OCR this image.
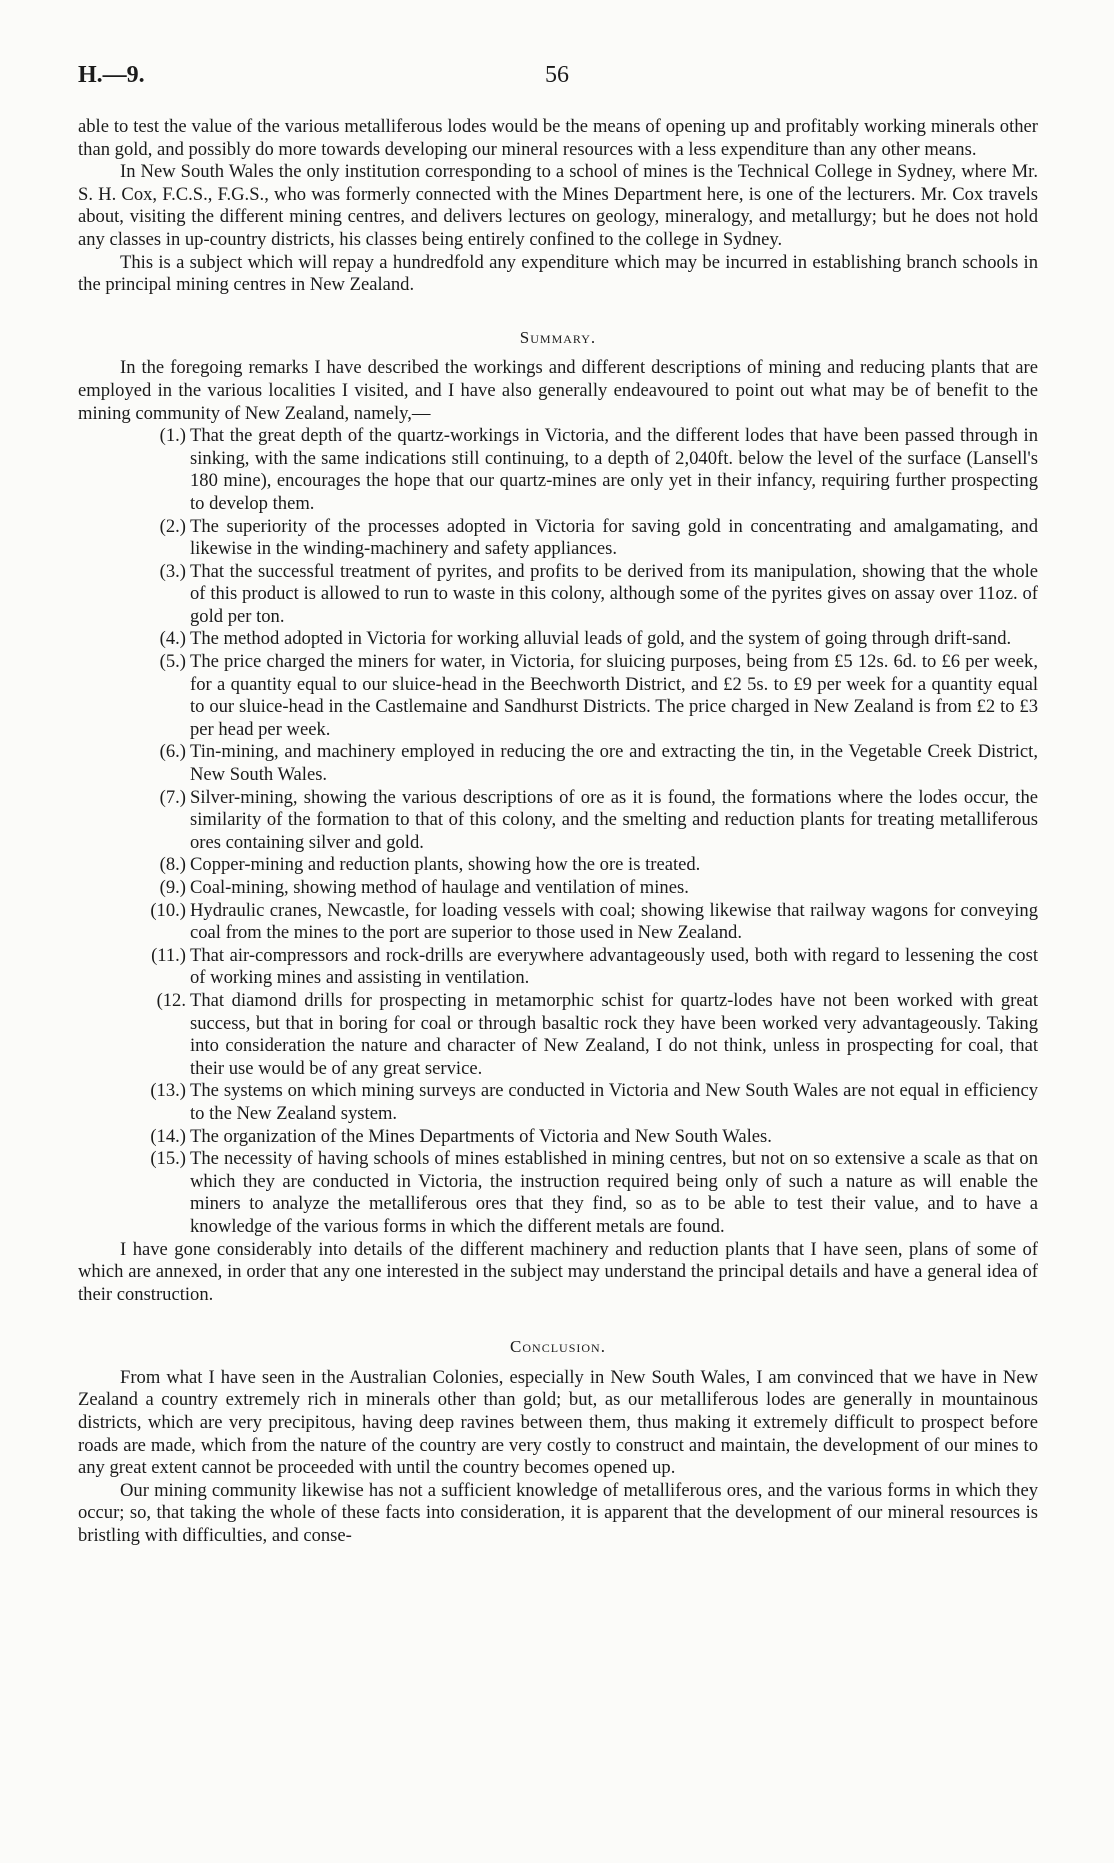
H.—9.	56

able to test the value of the various metalliferous lodes would be the means of opening up and profitably working minerals other than gold, and possibly do more towards developing our mineral resources with a less expenditure than any other means.

In New South Wales the only institution corresponding to a school of mines is the Technical College in Sydney, where Mr. S. H. Cox, F.C.S., F.G.S., who was formerly connected with the Mines Department here, is one of the lecturers. Mr. Cox travels about, visiting the different mining centres, and delivers lectures on geology, mineralogy, and metallurgy; but he does not hold any classes in up-country districts, his classes being entirely confined to the college in Sydney.

This is a subject which will repay a hundredfold any expenditure which may be incurred in establishing branch schools in the principal mining centres in New Zealand.

Summary.

In the foregoing remarks I have described the workings and different descriptions of mining and reducing plants that are employed in the various localities I visited, and I have also generally endeavoured to point out what may be of benefit to the mining community of New Zealand, namely,—

(1.) That the great depth of the quartz-workings in Victoria, and the different lodes that have been passed through in sinking, with the same indications still continuing, to a depth of 2,040ft. below the level of the surface (Lansell's 180 mine), encourages the hope that our quartz-mines are only yet in their infancy, requiring further prospecting to develop them.
(2.) The superiority of the processes adopted in Victoria for saving gold in concentrating and amalgamating, and likewise in the winding-machinery and safety appliances.
(3.) That the successful treatment of pyrites, and profits to be derived from its manipulation, showing that the whole of this product is allowed to run to waste in this colony, although some of the pyrites gives on assay over 11oz. of gold per ton.
(4.) The method adopted in Victoria for working alluvial leads of gold, and the system of going through drift-sand.
(5.) The price charged the miners for water, in Victoria, for sluicing purposes, being from £5 12s. 6d. to £6 per week, for a quantity equal to our sluice-head in the Beechworth District, and £2 5s. to £9 per week for a quantity equal to our sluice-head in the Castlemaine and Sandhurst Districts. The price charged in New Zealand is from £2 to £3 per head per week.
(6.) Tin-mining, and machinery employed in reducing the ore and extracting the tin, in the Vegetable Creek District, New South Wales.
(7.) Silver-mining, showing the various descriptions of ore as it is found, the formations where the lodes occur, the similarity of the formation to that of this colony, and the smelting and reduction plants for treating metalliferous ores containing silver and gold.
(8.) Copper-mining and reduction plants, showing how the ore is treated.
(9.) Coal-mining, showing method of haulage and ventilation of mines.
(10.) Hydraulic cranes, Newcastle, for loading vessels with coal; showing likewise that railway wagons for conveying coal from the mines to the port are superior to those used in New Zealand.
(11.) That air-compressors and rock-drills are everywhere advantageously used, both with regard to lessening the cost of working mines and assisting in ventilation.
(12. That diamond drills for prospecting in metamorphic schist for quartz-lodes have not been worked with great success, but that in boring for coal or through basaltic rock they have been worked very advantageously. Taking into consideration the nature and character of New Zealand, I do not think, unless in prospecting for coal, that their use would be of any great service.
(13.) The systems on which mining surveys are conducted in Victoria and New South Wales are not equal in efficiency to the New Zealand system.
(14.) The organization of the Mines Departments of Victoria and New South Wales.
(15.) The necessity of having schools of mines established in mining centres, but not on so extensive a scale as that on which they are conducted in Victoria, the instruction required being only of such a nature as will enable the miners to analyze the metalliferous ores that they find, so as to be able to test their value, and to have a knowledge of the various forms in which the different metals are found.

I have gone considerably into details of the different machinery and reduction plants that I have seen, plans of some of which are annexed, in order that any one interested in the subject may understand the principal details and have a general idea of their construction.

Conclusion.

From what I have seen in the Australian Colonies, especially in New South Wales, I am convinced that we have in New Zealand a country extremely rich in minerals other than gold; but, as our metalliferous lodes are generally in mountainous districts, which are very precipitous, having deep ravines between them, thus making it extremely difficult to prospect before roads are made, which from the nature of the country are very costly to construct and maintain, the development of our mines to any great extent cannot be proceeded with until the country becomes opened up.

Our mining community likewise has not a sufficient knowledge of metalliferous ores, and the various forms in which they occur; so, that taking the whole of these facts into consideration, it is apparent that the development of our mineral resources is bristling with difficulties, and conse-
